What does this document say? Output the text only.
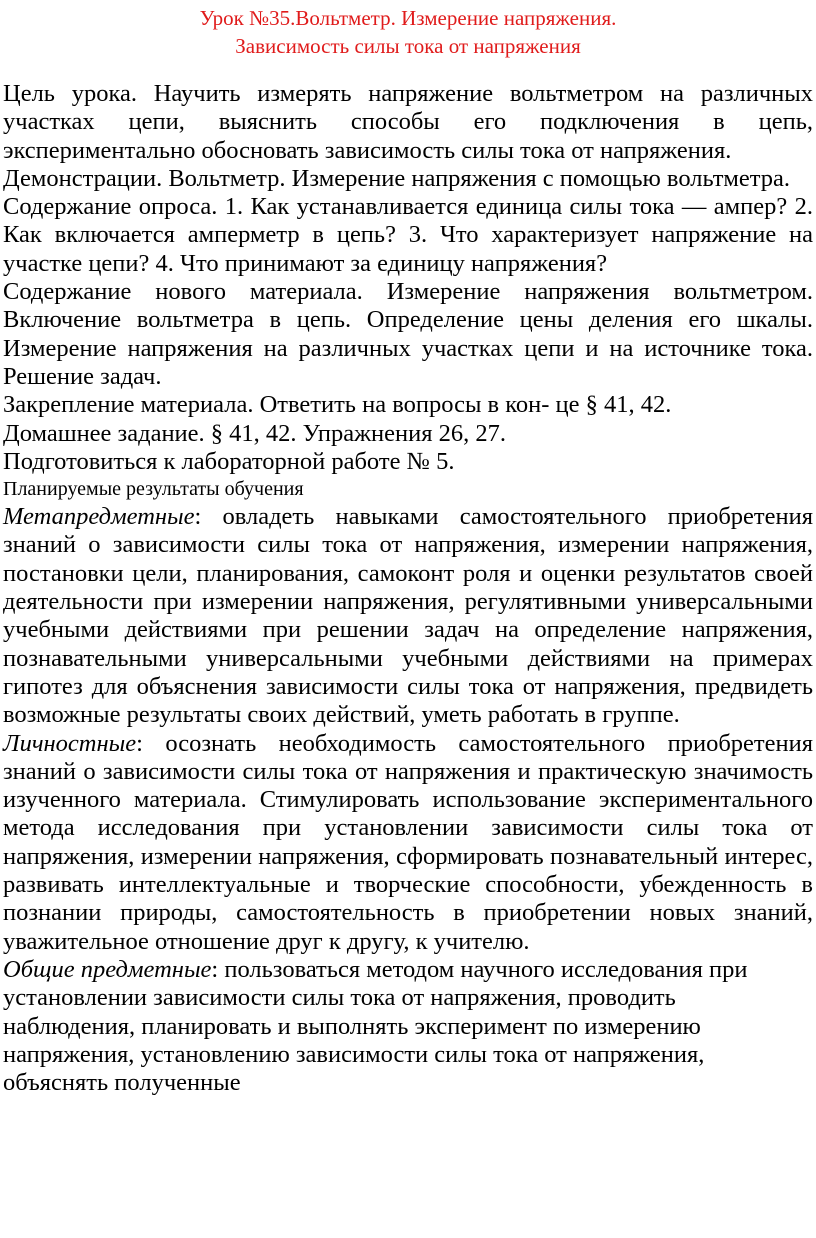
Урок №35.Вольтметр. Измерение напряжения.
Зависимость силы тока от напряжения

Цель урока. Научить измерять напряжение вольтметром на различных участках цепи, выяснить способы его подключения в цепь, экспериментально обосновать зависимость силы тока от напряжения.

Демонстрации. Вольтметр. Измерение напряжения с помощью вольтметра.

Содержание опроса. 1. Как устанавливается единица силы тока — ампер? 2. Как включается амперметр в цепь? 3. Что характеризует напряжение на участке цепи? 4. Что принимают за единицу напряжения?

Содержание нового материала. Измерение напряжения вольтметром. Включение вольтметра в цепь. Определение цены деления его шкалы. Измерение напряжения на различных участках цепи и на источнике тока. Решение задач.

Закрепление материала. Ответить на вопросы в кон- це § 41, 42.

Домашнее задание. § 41, 42. Упражнения 26, 27.

Подготовиться к лабораторной работе № 5.

Планируемые результаты обучения

Метапредметные: овладеть навыками самостоятельного приобретения знаний о зависимости силы тока от напряжения, измерении напряжения, постановки цели, планирования, самоконт роля и оценки результатов своей деятельности при измерении напряжения, регулятивными универсальными учебными действиями при решении задач на определение напряжения, познавательными универсальными учебными действиями на примерах гипотез для объяснения зависимости силы тока от напряжения, предвидеть возможные результаты своих действий, уметь работать в группе.

Личностные: осознать необходимость самостоятельного приобретения знаний о зависимости силы тока от напряжения и практическую значимость изученного материала. Стимулировать использование экспериментального метода исследования при установлении зависимости силы тока от напряжения, измерении напряжения, сформировать познавательный интерес, развивать интеллектуальные и творческие способности, убежденность в познании природы, самостоятельность в приобретении новых знаний, уважительное отношение друг к другу, к учителю.

Общие предметные: пользоваться методом научного исследования при установлении зависимости силы тока от напряжения, проводить наблюдения, планировать и выполнять эксперимент по измерению напряжения, установлению зависимости силы тока от напряжения, объяснять полученные
